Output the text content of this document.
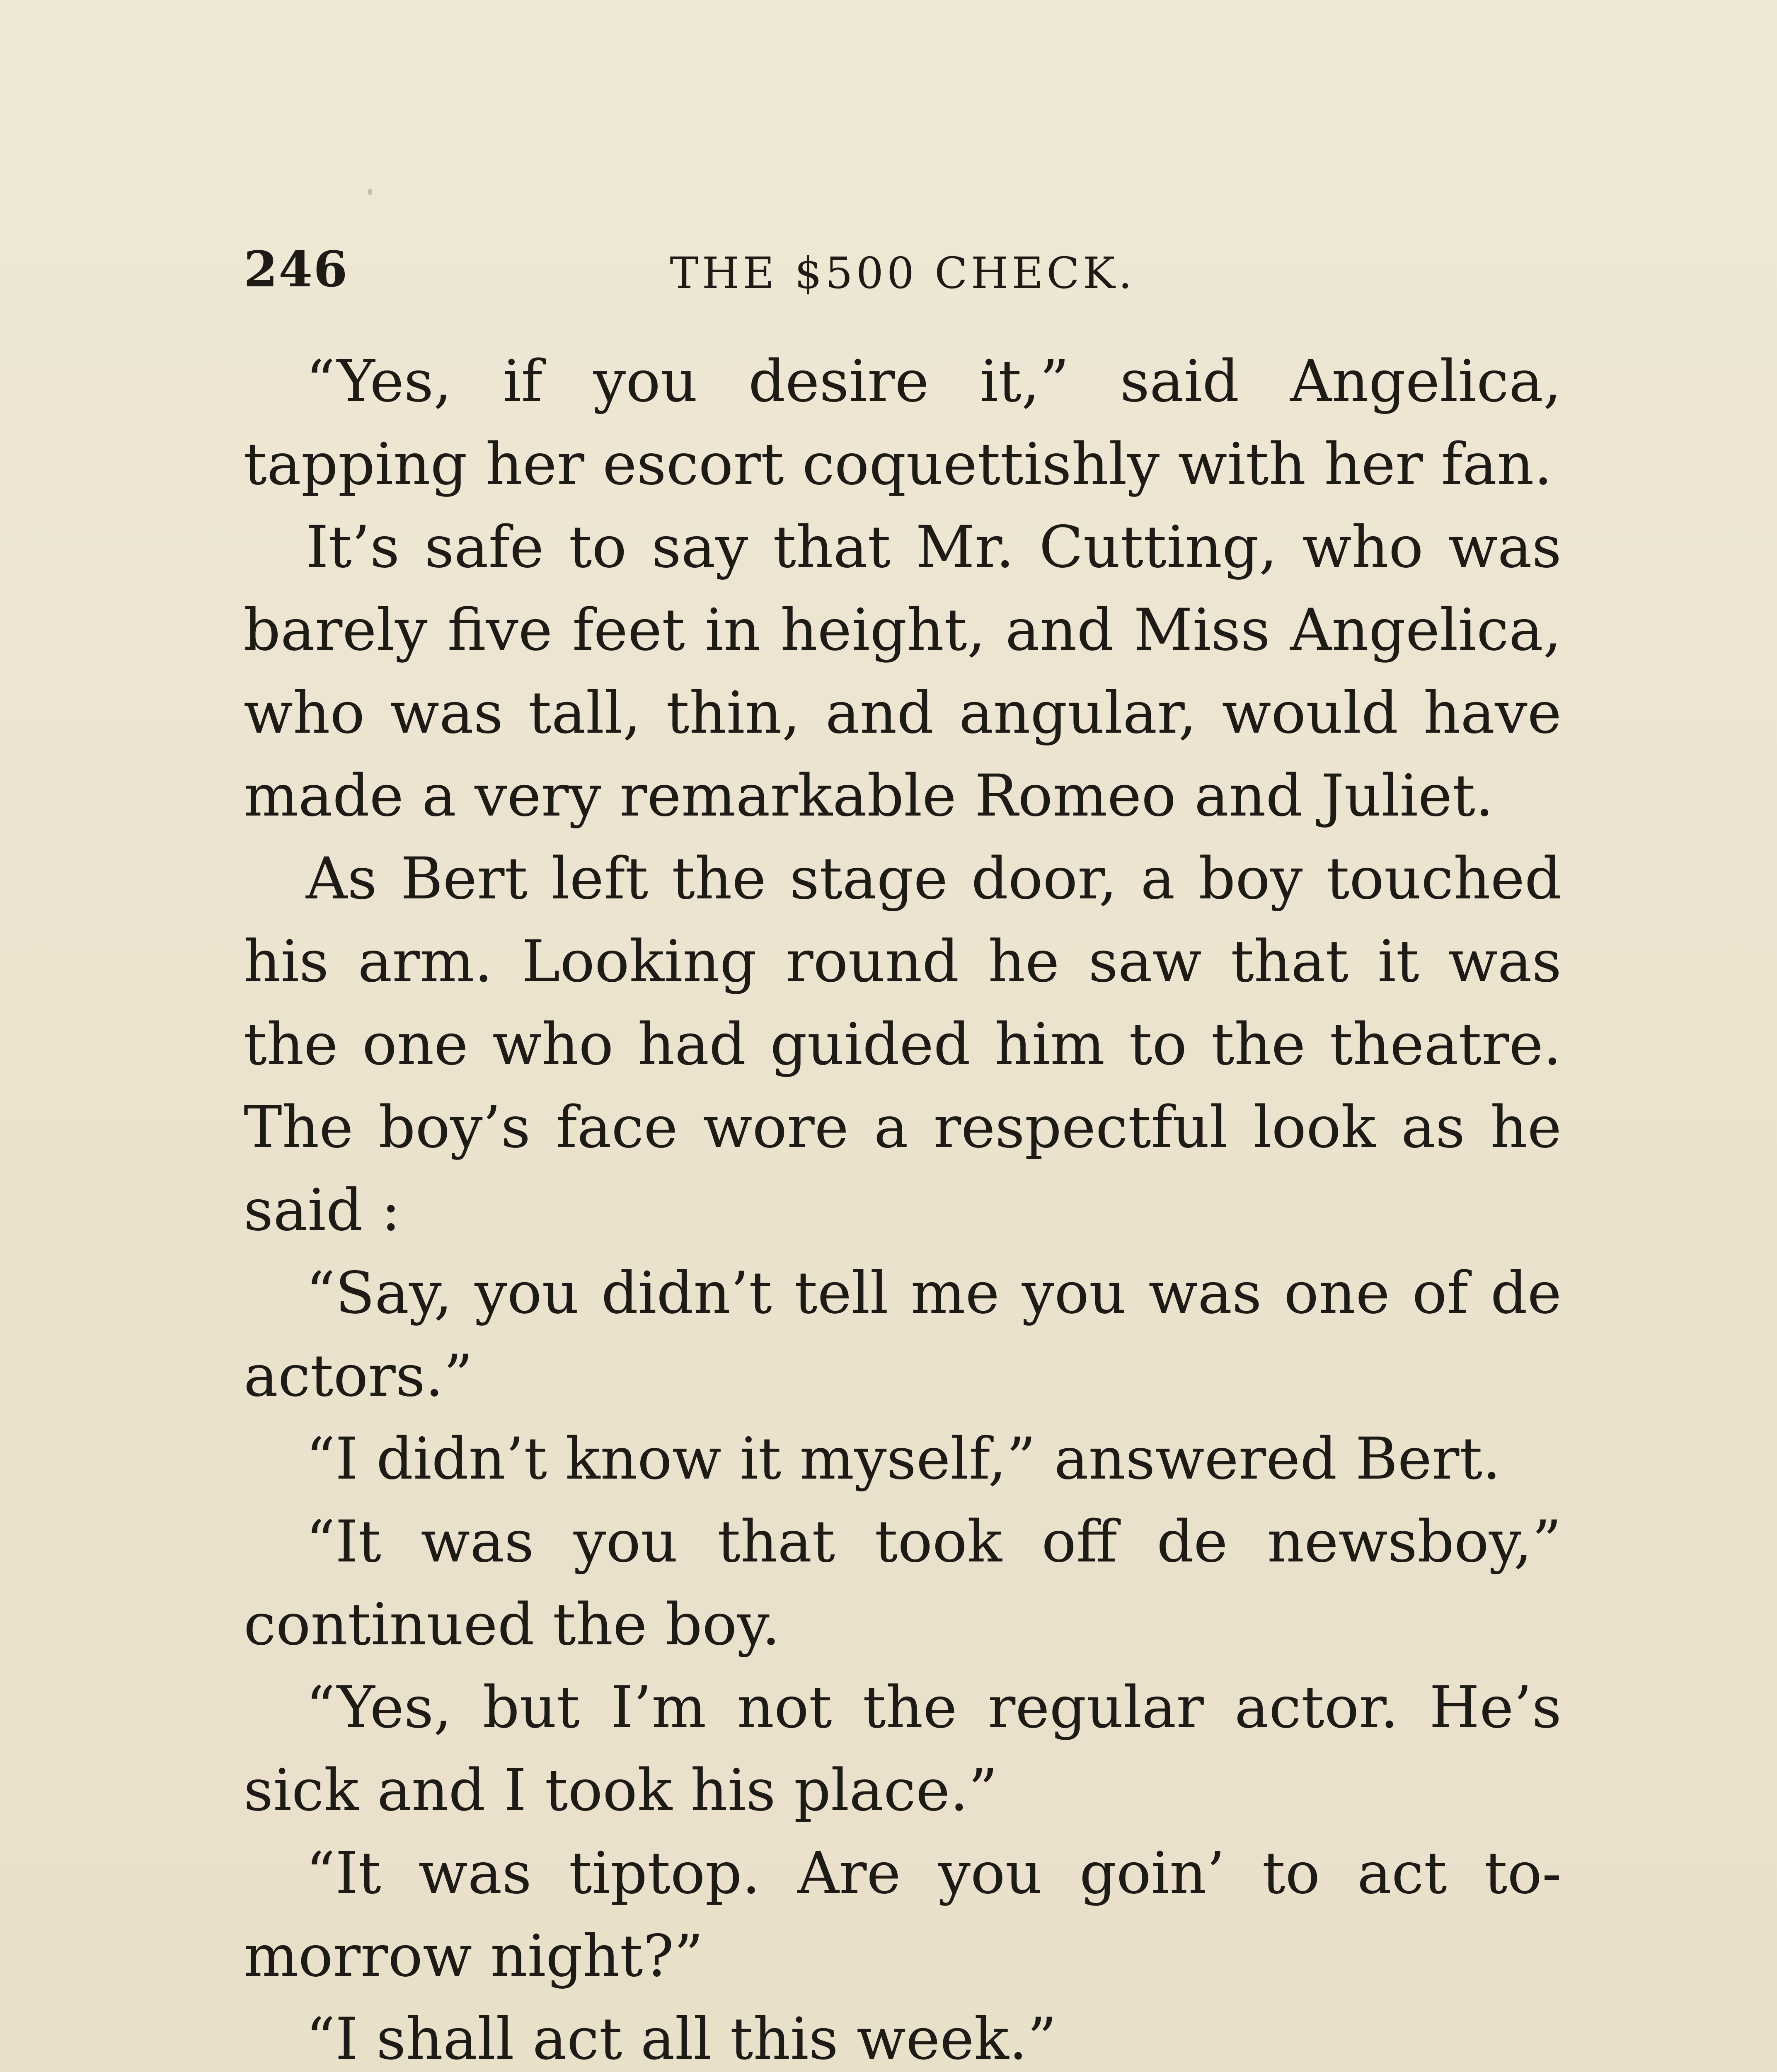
246	THE $500 CHECK.

“Yes, if you desire it,” said Angelica, tapping her escort coquettishly with her fan.

It’s safe to say that Mr. Cutting, who was barely five feet in height, and Miss Angelica, who was tall, thin, and angular, would have made a very remarkable Romeo and Juliet.

As Bert left the stage door, a boy touched his arm. Looking round he saw that it was the one who had guided him to the theatre. The boy’s face wore a respectful look as he said :

“Say, you didn’t tell me you was one of de actors.”

“I didn’t know it myself,” answered Bert.

“It was you that took off de newsboy,” continued the boy.

“Yes, but I’m not the regular actor. He’s sick and I took his place.”

“It was tiptop. Are you goin’ to act to-morrow night?”

“I shall act all this week.”
